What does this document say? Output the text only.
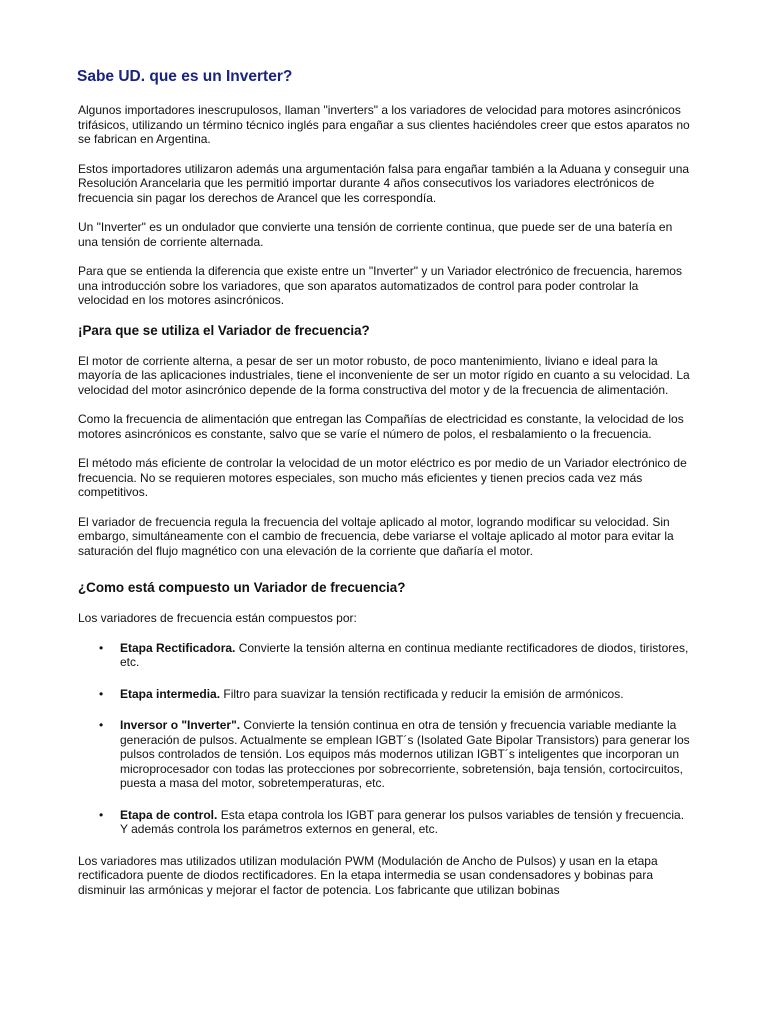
Sabe UD. que es un Inverter?

Algunos importadores inescrupulosos, llaman "inverters" a los variadores de velocidad para motores asincrónicos trifásicos, utilizando un término técnico inglés para engañar a sus clientes haciéndoles creer que estos aparatos no se fabrican en Argentina.

Estos importadores utilizaron además una argumentación falsa para engañar también a la Aduana y conseguir una Resolución Arancelaria que les permitió importar durante 4 años consecutivos los variadores electrónicos de frecuencia sin pagar los derechos de Arancel que les correspondía.

Un "Inverter" es un ondulador que convierte una tensión de corriente continua, que puede ser de una batería en una tensión de corriente alternada.

Para que se entienda la diferencia que existe entre un "Inverter" y un Variador electrónico de frecuencia, haremos una introducción sobre los variadores, que son aparatos automatizados de control para poder controlar la velocidad en los motores asincrónicos.

¡Para que se utiliza el Variador de frecuencia?

El motor de corriente alterna, a pesar de ser un motor robusto, de poco mantenimiento, liviano e ideal para la mayoría de las aplicaciones industriales, tiene el inconveniente de ser un motor rígido en cuanto a su velocidad. La velocidad del motor asincrónico depende de la forma constructiva del motor y de la frecuencia de alimentación.

Como la frecuencia de alimentación que entregan las Compañías de electricidad es constante, la velocidad de los motores asincrónicos es constante, salvo que se varíe el número de polos, el resbalamiento o la frecuencia.

El método más eficiente de controlar la velocidad de un motor eléctrico es por medio de un Variador electrónico de frecuencia. No se requieren motores especiales, son mucho más eficientes y tienen precios cada vez más competitivos.

El variador de frecuencia regula la frecuencia del voltaje aplicado al motor, logrando modificar su velocidad. Sin embargo, simultáneamente con el cambio de frecuencia, debe variarse el voltaje aplicado al motor para evitar la saturación del flujo magnético con una elevación de la corriente que dañaría el motor.

¿Como está compuesto un Variador de frecuencia?

Los variadores de frecuencia están compuestos por:

• Etapa Rectificadora. Convierte la tensión alterna en continua mediante rectificadores de diodos, tiristores, etc.
• Etapa intermedia. Filtro para suavizar la tensión rectificada y reducir la emisión de armónicos.
• Inversor o "Inverter". Convierte la tensión continua en otra de tensión y frecuencia variable mediante la generación de pulsos. Actualmente se emplean IGBT´s (Isolated Gate Bipolar Transistors) para generar los pulsos controlados de tensión. Los equipos más modernos utilizan IGBT´s inteligentes que incorporan un microprocesador con todas las protecciones por sobrecorriente, sobretensión, baja tensión, cortocircuitos, puesta a masa del motor, sobretemperaturas, etc.
• Etapa de control. Esta etapa controla los IGBT para generar los pulsos variables de tensión y frecuencia. Y además controla los parámetros externos en general, etc.

Los variadores mas utilizados utilizan modulación PWM (Modulación de Ancho de Pulsos) y usan en la etapa rectificadora puente de diodos rectificadores. En la etapa intermedia se usan condensadores y bobinas para disminuir las armónicas y mejorar el factor de potencia. Los fabricante que utilizan bobinas
